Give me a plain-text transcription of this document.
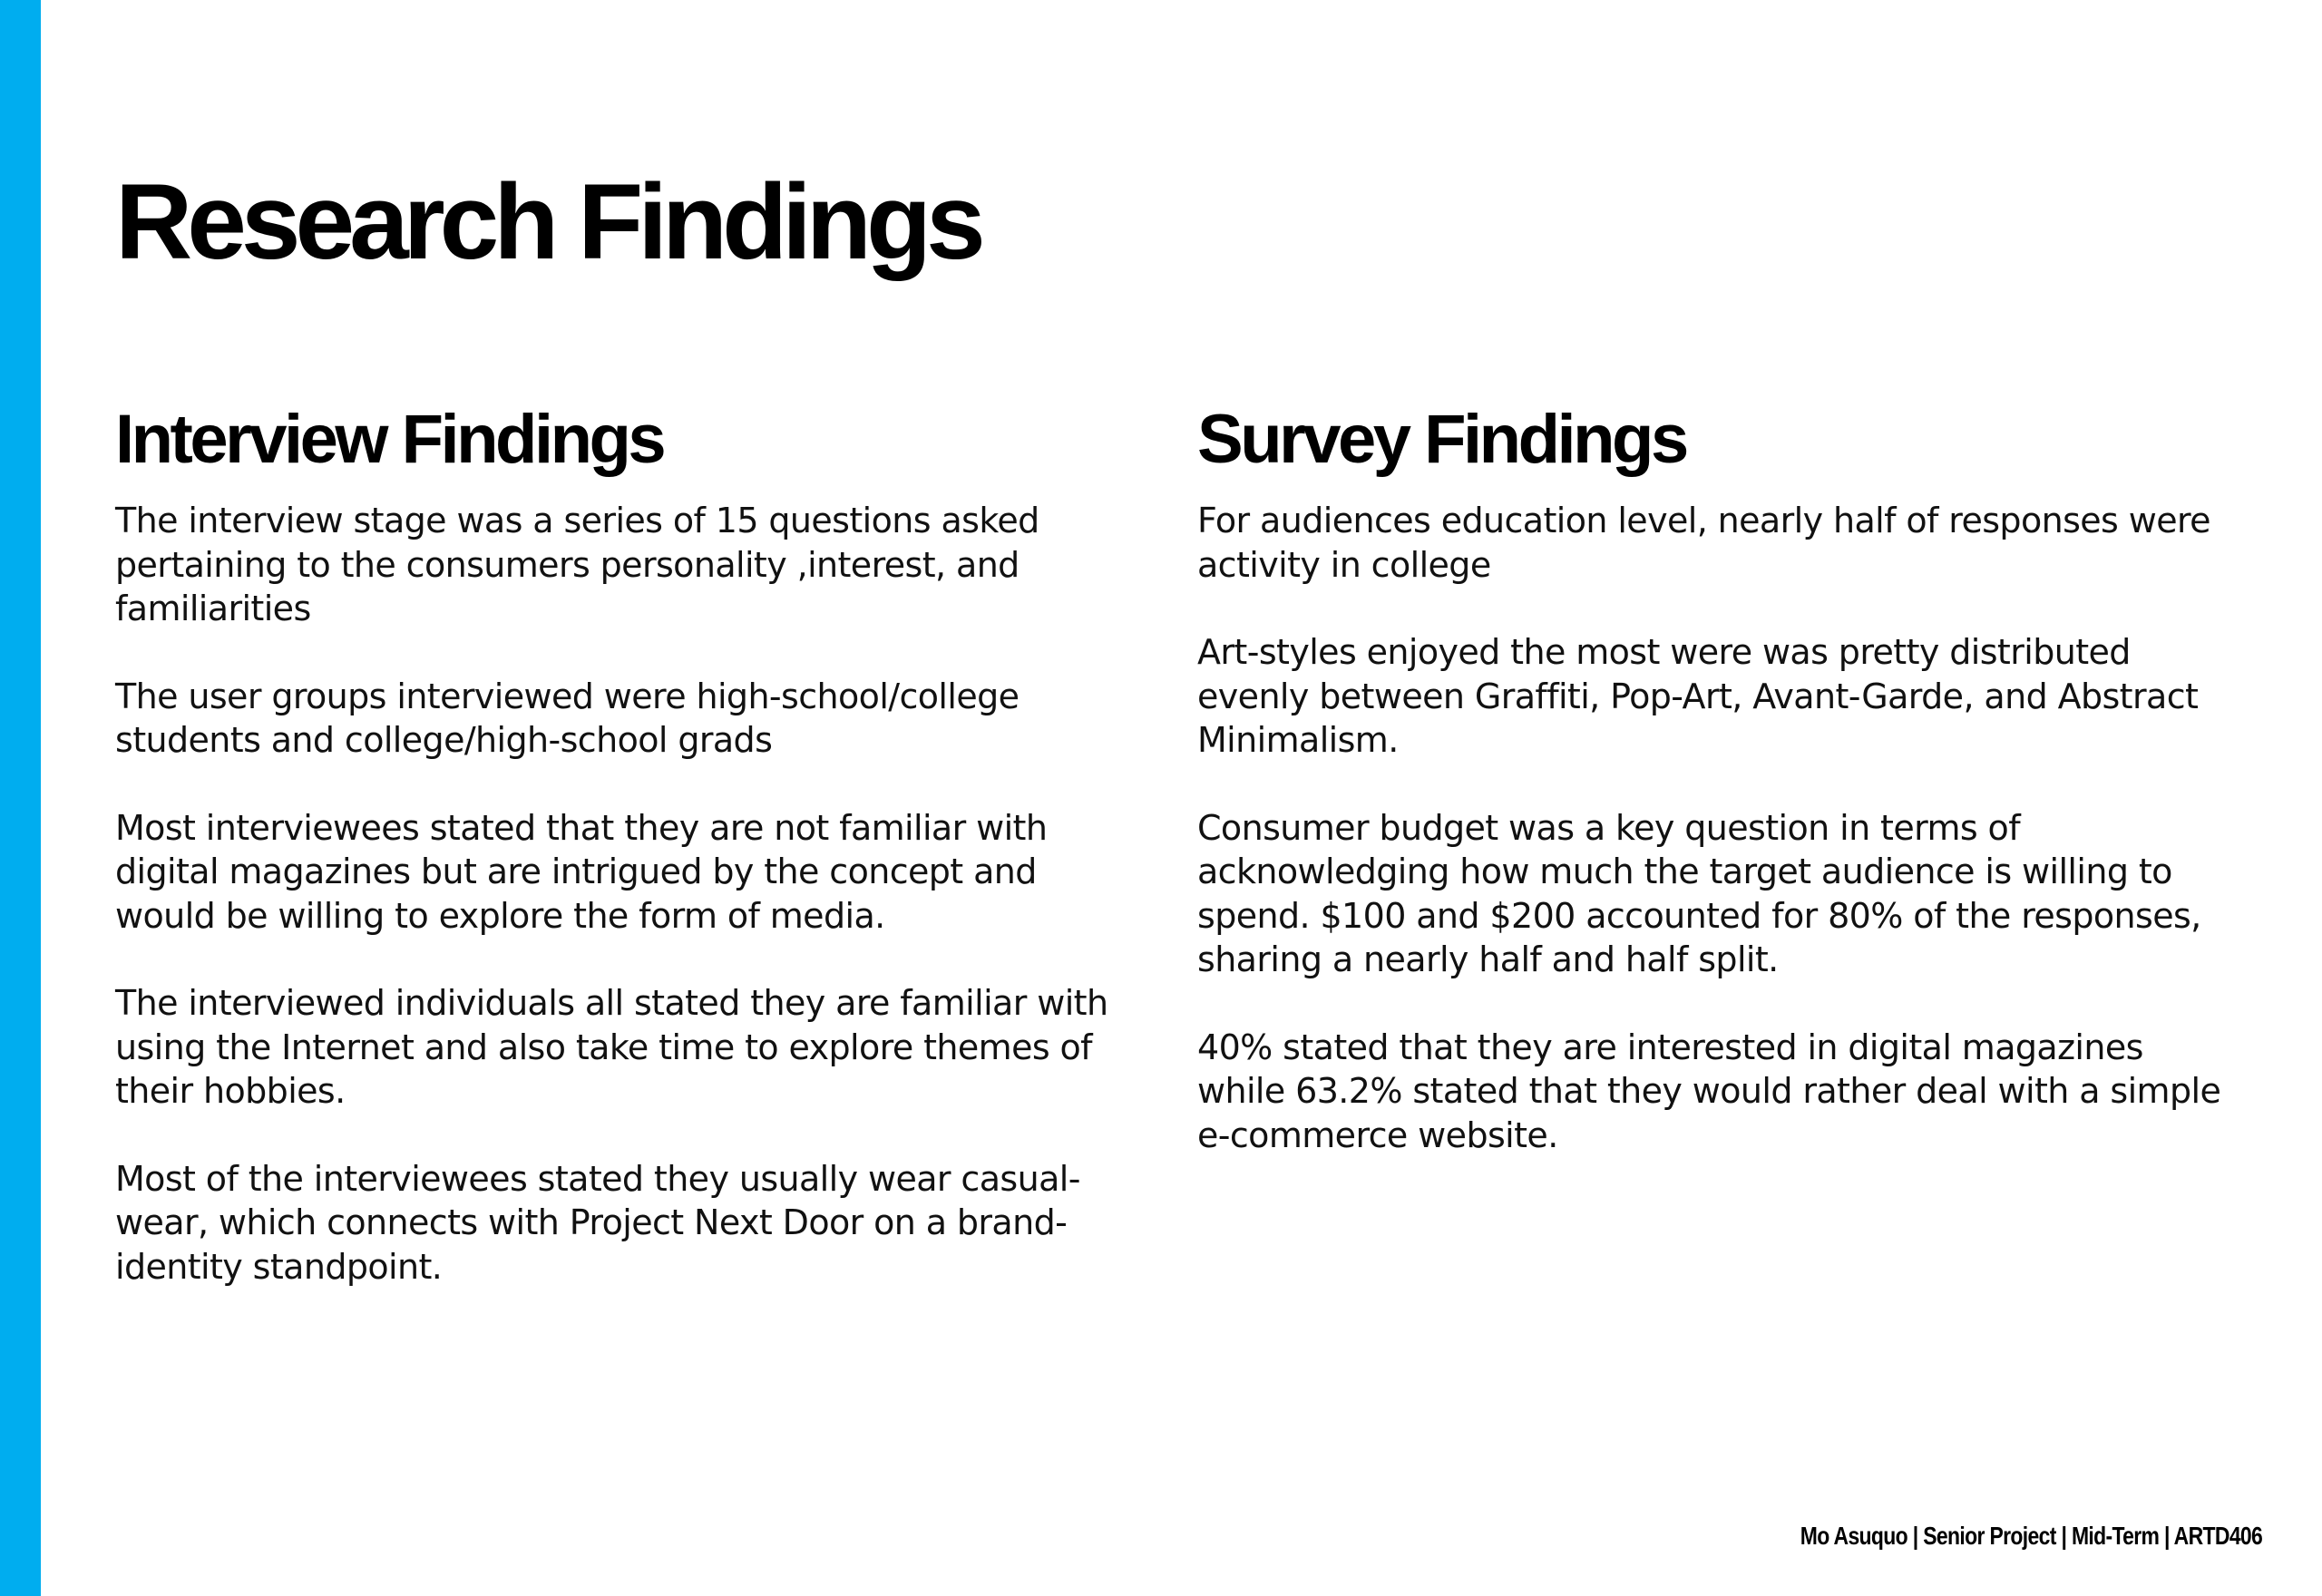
Research Findings
Interview Findings

The interview stage was a series of 15 questions asked pertaining to the consumers personality ,interest, and familiarities

The user groups interviewed were high-school/college students and college/high-school grads

Most interviewees stated that they are not familiar with digital magazines but are intrigued by the concept and would be willing to explore the form of media.

The interviewed individuals all stated they are familiar with using the Internet and also take time to explore themes of their hobbies.

Most of the interviewees stated they usually wear casual-wear, which connects with Project Next Door on a brand-identity standpoint.

Survey Findings

For audiences education level, nearly half of responses were activity in college

Art-styles enjoyed the most were was pretty distributed evenly between Graffiti, Pop-Art, Avant-Garde, and Abstract Minimalism.

Consumer budget was a key question in terms of acknowledging how much the target audience is willing to spend. $100 and $200 accounted for 80% of the responses, sharing a nearly half and half split.

40% stated that they are interested in digital magazines while 63.2% stated that they would rather deal with a simple e-commerce website.

Mo Asuquo | Senior Project | Mid-Term | ARTD406
